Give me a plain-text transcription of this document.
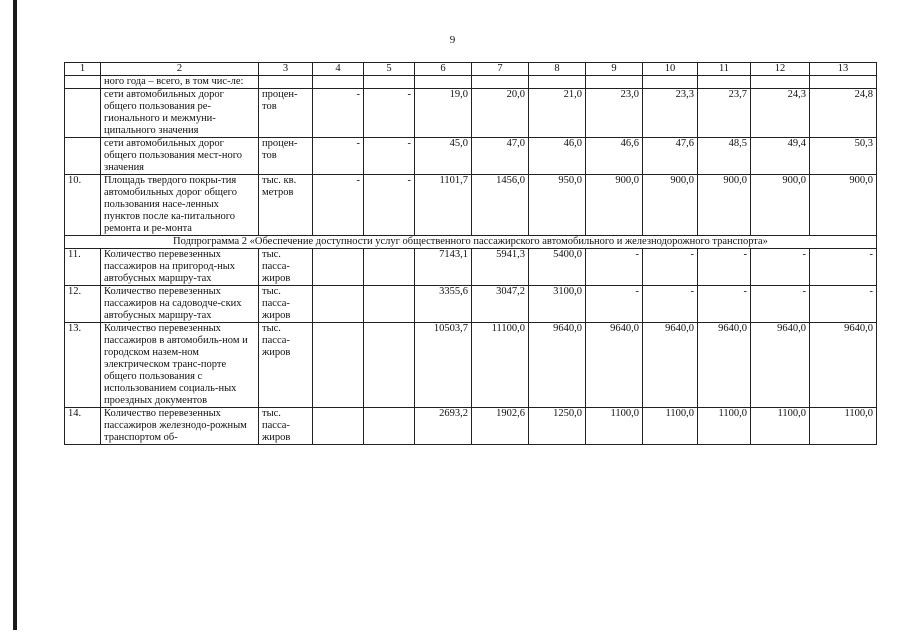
9
1	2	3	4	5	6	7	8	9	10	11	12	13
	ного года – всего, в том чис-ле:											
	сети автомобильных дорог общего пользования ре-гионального и межмуни-ципального значения	процен-тов	-	-	19,0	20,0	21,0	23,0	23,3	23,7	24,3	24,8
	сети автомобильных дорог общего пользования мест-ного значения	процен-тов	-	-	45,0	47,0	46,0	46,6	47,6	48,5	49,4	50,3
10.	Площадь твердого покры-тия автомобильных дорог общего пользования насе-ленных пунктов после ка-питального ремонта и ре-монта	тыс. кв. метров	-	-	1101,7	1456,0	950,0	900,0	900,0	900,0	900,0	900,0
Подпрограмма 2 «Обеспечение доступности услуг общественного пассажирского автомобильного и железнодорожного транспорта»												
11.	Количество перевезенных пассажиров на пригород-ных автобусных маршру-тах	тыс. пасса-жиров			7143,1	5941,3	5400,0	-	-	-	-	-
12.	Количество перевезенных пассажиров на садоводче-ских автобусных маршру-тах	тыс. пасса-жиров			3355,6	3047,2	3100,0	-	-	-	-	-
13.	Количество перевезенных пассажиров в автомобиль-ном и городском назем-ном электрическом транс-порте общего пользования с использованием социаль-ных проездных документов	тыс. пасса-жиров			10503,7	11100,0	9640,0	9640,0	9640,0	9640,0	9640,0	9640,0
14.	Количество перевезенных пассажиров железнодо-рожным транспортом об-	тыс. пасса-жиров			2693,2	1902,6	1250,0	1100,0	1100,0	1100,0	1100,0	1100,0
